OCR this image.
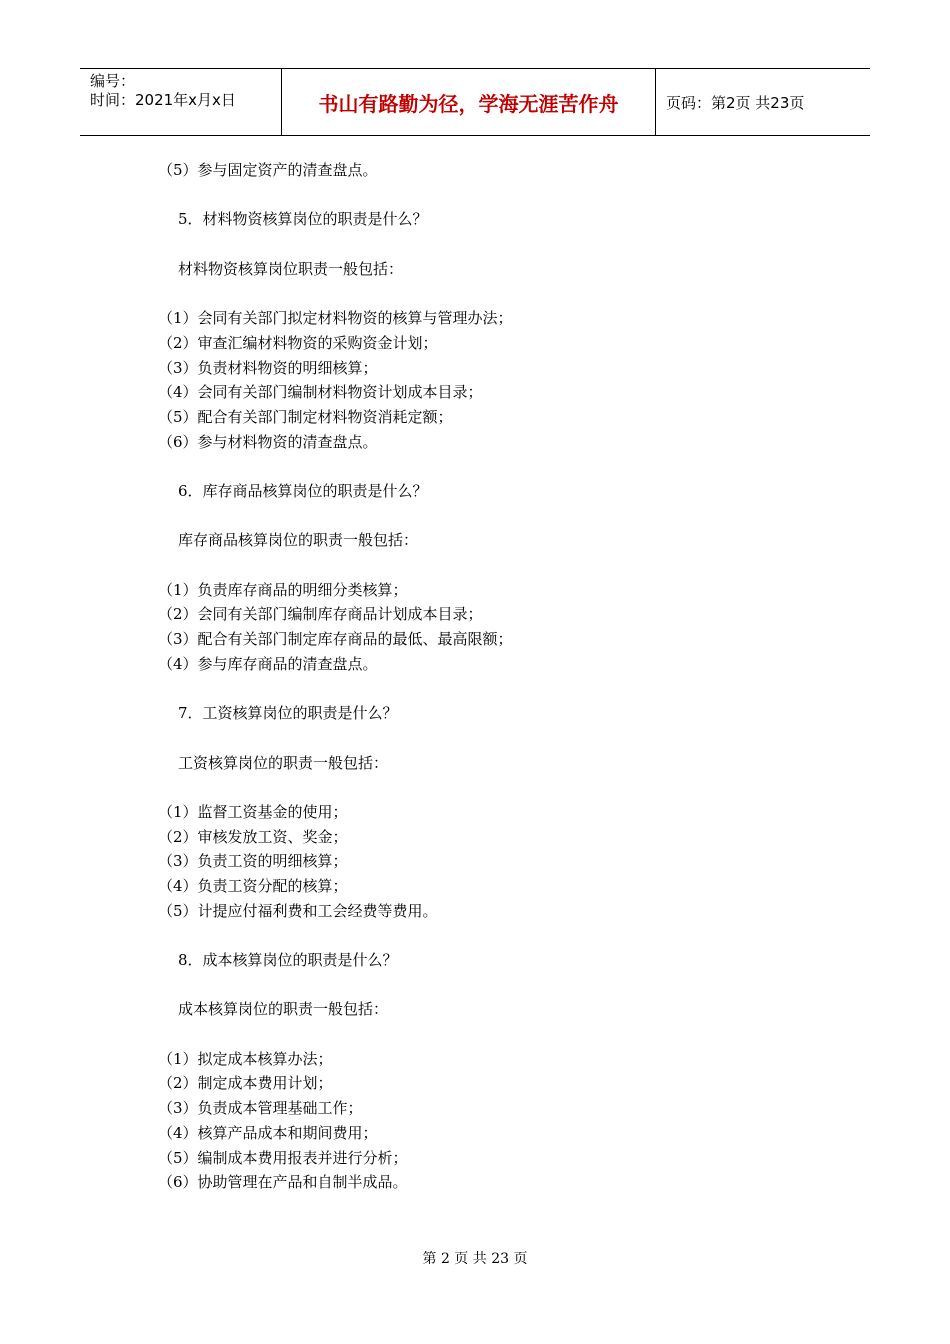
编号：
时间：2021年x月x日	书山有路勤为径，学海无涯苦作舟	页码：第2页 共23页
（5）参与固定资产的清查盘点。
5．材料物资核算岗位的职责是什么？
材料物资核算岗位职责一般包括：
（1）会同有关部门拟定材料物资的核算与管理办法；
（2）审查汇编材料物资的采购资金计划；
（3）负责材料物资的明细核算；
（4）会同有关部门编制材料物资计划成本目录；
（5）配合有关部门制定材料物资消耗定额；
（6）参与材料物资的清查盘点。
6．库存商品核算岗位的职责是什么？
库存商品核算岗位的职责一般包括：
（1）负责库存商品的明细分类核算；
（2）会同有关部门编制库存商品计划成本目录；
（3）配合有关部门制定库存商品的最低、最高限额；
（4）参与库存商品的清查盘点。
7．工资核算岗位的职责是什么？
工资核算岗位的职责一般包括：
（1）监督工资基金的使用；
（2）审核发放工资、奖金；
（3）负责工资的明细核算；
（4）负责工资分配的核算；
（5）计提应付福利费和工会经费等费用。
8．成本核算岗位的职责是什么？
成本核算岗位的职责一般包括：
（1）拟定成本核算办法；
（2）制定成本费用计划；
（3）负责成本管理基础工作；
（4）核算产品成本和期间费用；
（5）编制成本费用报表并进行分析；
（6）协助管理在产品和自制半成品。
第 2 页 共 23 页
